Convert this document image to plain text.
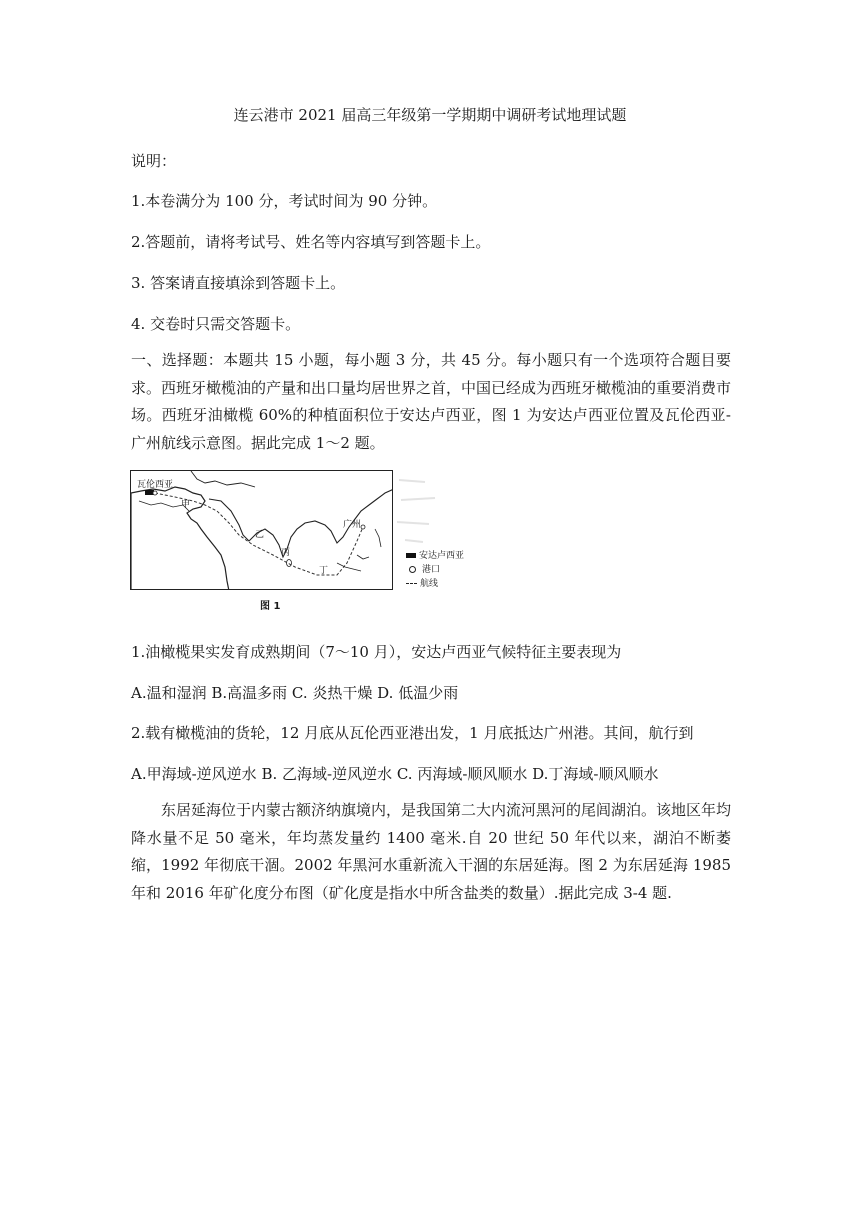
连云港市 2021 届高三年级第一学期期中调研考试地理试题
说明：
1.本卷满分为 100 分，考试时间为 90 分钟。
2.答题前，请将考试号、姓名等内容填写到答题卡上。
3. 答案请直接填涂到答题卡上。
4. 交卷时只需交答题卡。
一、选择题：本题共 15 小题，每小题 3 分，共 45 分。每小题只有一个选项符合题目要求。西班牙橄榄油的产量和出口量均居世界之首，中国已经成为西班牙橄榄油的重要消费市场。西班牙油橄榄 60%的种植面积位于安达卢西亚，图 1 为安达卢西亚位置及瓦伦西亚-广州航线示意图。据此完成 1～2 题。
瓦伦西亚
甲
乙
丙
丁
广州
安达卢西亚
港口
航线
图 1
1.油橄榄果实发育成熟期间（7～10 月），安达卢西亚气候特征主要表现为
A.温和湿润 B.高温多雨 C. 炎热干燥 D. 低温少雨
2.载有橄榄油的货轮，12 月底从瓦伦西亚港出发，1 月底抵达广州港。其间，航行到
A.甲海域-逆风逆水 B. 乙海域-逆风逆水 C. 丙海域-顺风顺水 D.丁海域-顺风顺水
东居延海位于内蒙古额济纳旗境内，是我国第二大内流河黑河的尾闾湖泊。该地区年均降水量不足 50 毫米，年均蒸发量约 1400 毫米.自 20 世纪 50 年代以来，湖泊不断萎缩，1992 年彻底干涸。2002 年黑河水重新流入干涸的东居延海。图 2 为东居延海 1985 年和 2016 年矿化度分布图（矿化度是指水中所含盐类的数量）.据此完成 3-4 题.
